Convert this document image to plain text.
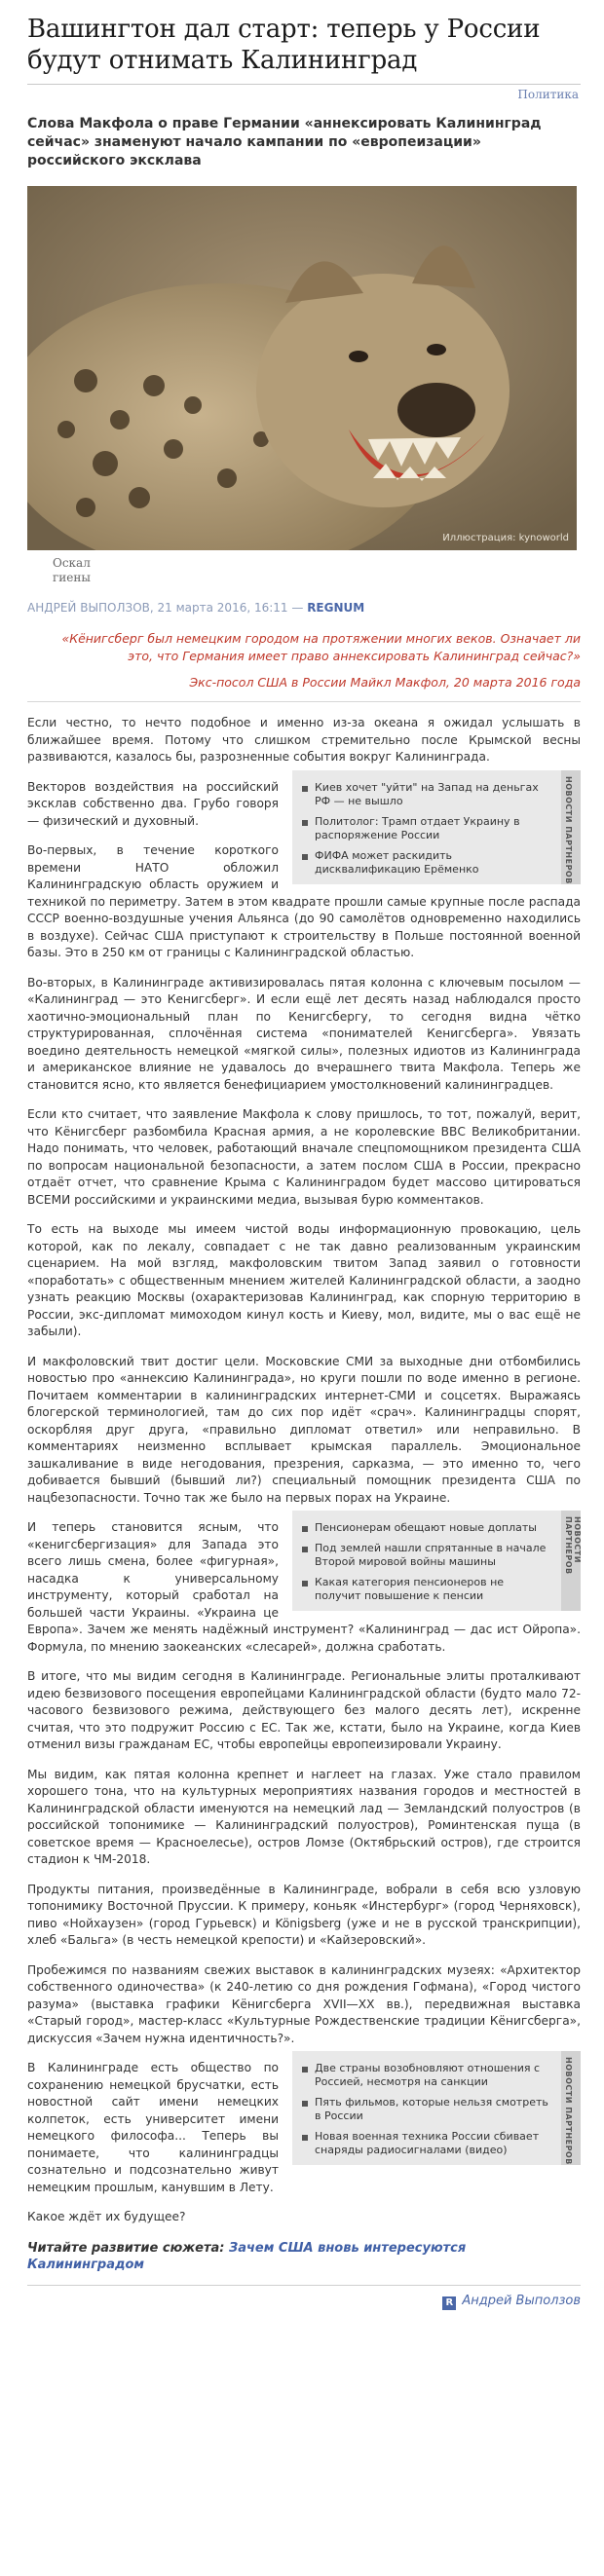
Вашингтон дал старт: теперь у России будут отнимать Калининград
Политика
Слова Макфола о праве Германии «аннексировать Калининград сейчас» знаменуют начало кампании по «европеизации» российского эксклава
Иллюстрация: kynoworld
Оскал гиены
АНДРЕЙ ВЫПОЛЗОВ, 21 марта 2016, 16:11 — REGNUM
«Кёнигсберг был немецким городом на протяжении многих веков. Означает ли это, что Германия имеет право аннексировать Калининград сейчас?»
Экс-посол США в России Майкл Макфол, 20 марта 2016 года

Если честно, то нечто подобное и именно из-за океана я ожидал услышать в ближайшее время. Потому что слишком стремительно после Крымской весны развиваются, казалось бы, разрозненные события вокруг Калининграда.

НОВОСТИ ПАРТНЕРОВ
Киев хочет "уйти" на Запад на деньгах РФ — не вышло
Политолог: Трамп отдает Украину в распоряжение России
ФИФА может раскидить дисквалификацию Ерёменко

Векторов воздействия на российский эксклав собственно два. Грубо говоря — физический и духовный.

Во-первых, в течение короткого времени НАТО обложил Калининградскую область оружием и техникой по периметру. Затем в этом квадрате прошли самые крупные после распада СССР военно-воздушные учения Альянса (до 90 самолётов одновременно находились в воздухе). Сейчас США приступают к строительству в Польше постоянной военной базы. Это в 250 км от границы с Калининградской областью.

Во-вторых, в Калининграде активизировалась пятая колонна с ключевым посылом — «Калининград — это Кенигсберг». И если ещё лет десять назад наблюдался просто хаотично-эмоциональный план по Кенигсбергу, то сегодня видна чётко структурированная, сплочённая система «понимателей Кенигсберга». Увязать воедино деятельность немецкой «мягкой силы», полезных идиотов из Калининграда и американское влияние не удавалось до вчерашнего твита Макфола. Теперь же становится ясно, кто является бенефициарием умостолкновений калининградцев.

Если кто считает, что заявление Макфола к слову пришлось, то тот, пожалуй, верит, что Кёнигсберг разбомбила Красная армия, а не королевские ВВС Великобритании. Надо понимать, что человек, работающий вначале спецпомощником президента США по вопросам национальной безопасности, а затем послом США в России, прекрасно отдаёт отчет, что сравнение Крыма с Калининградом будет массово цитироваться ВСЕМИ российскими и украинскими медиа, вызывая бурю комментаков.

То есть на выходе мы имеем чистой воды информационную провокацию, цель которой, как по лекалу, совпадает с не так давно реализованным украинским сценарием. На мой взгляд, макфоловским твитом Запад заявил о готовности «поработать» с общественным мнением жителей Калининградской области, а заодно узнать реакцию Москвы (охарактеризовав Калининград, как спорную территорию в России, экс-дипломат мимоходом кинул кость и Киеву, мол, видите, мы о вас ещё не забыли).

И макфоловский твит достиг цели. Московские СМИ за выходные дни отбомбились новостью про «аннексию Калининграда», но круги пошли по воде именно в регионе. Почитаем комментарии в калининградских интернет-СМИ и соцсетях. Выражаясь блогерской терминологией, там до сих пор идёт «срач». Калининградцы спорят, оскорбляя друг друга, «правильно дипломат ответил» или неправильно. В комментариях неизменно всплывает крымская параллель. Эмоциональное зашкаливание в виде негодования, презрения, сарказма, — это именно то, чего добивается бывший (бывший ли?) специальный помощник президента США по нацбезопасности. Точно так же было на первых порах на Украине.

НОВОСТИ ПАРТНЕРОВ
Пенсионерам обещают новые доплаты
Под землей нашли спрятанные в начале Второй мировой войны машины
Какая категория пенсионеров не получит повышение к пенсии

И теперь становится ясным, что «кенигсбергизация» для Запада это всего лишь смена, более «фигурная», насадка к универсальному инструменту, который сработал на большей части Украины. «Украина це Европа». Зачем же менять надёжный инструмент? «Калининград — дас ист Ойропа». Формула, по мнению заокеанских «слесарей», должна сработать.

В итоге, что мы видим сегодня в Калининграде. Региональные элиты проталкивают идею безвизового посещения европейцами Калининградской области (будто мало 72-часового безвизового режима, действующего без малого десять лет), искренне считая, что это подружит Россию с ЕС. Так же, кстати, было на Украине, когда Киев отменил визы гражданам ЕС, чтобы европейцы европеизировали Украину.

Мы видим, как пятая колонна крепнет и наглеет на глазах. Уже стало правилом хорошего тона, что на культурных мероприятиях названия городов и местностей в Калининградской области именуются на немецкий лад — Земландский полуостров (в российской топонимике — Калининградский полуостров), Роминтенская пуща (в советское время — Красноелесье), остров Ломзе (Октябрьский остров), где строится стадион к ЧМ-2018.

Продукты питания, произведённые в Калининграде, вобрали в себя всю узловую топонимику Восточной Пруссии. К примеру, коньяк «Инстербург» (город Черняховск), пиво «Нойхаузен» (город Гурьевск) и Königsberg (уже и не в русской транскрипции), хлеб «Бальга» (в честь немецкой крепости) и «Кайзеровский».

Пробежимся по названиям свежих выставок в калининградских музеях: «Архитектор собственного одиночества» (к 240-летию со дня рождения Гофмана), «Город чистого разума» (выставка графики Кёнигсберга XVII—XX вв.), передвижная выставка «Старый город», мастер-класс «Культурные Рождественские традиции Кёнигсберга», дискуссия «Зачем нужна идентичность?».

НОВОСТИ ПАРТНЕРОВ
Две страны возобновляют отношения с Россией, несмотря на санкции
Пять фильмов, которые нельзя смотреть в России
Новая военная техника России сбивает снаряды радиосигналами (видео)

В Калининграде есть общество по сохранению немецкой брусчатки, есть новостной сайт имени немецких колпеток, есть университет имени немецкого философа... Теперь вы понимаете, что калининградцы сознательно и подсознательно живут немецким прошлым, канувшим в Лету.

Какое ждёт их будущее?

Читайте развитие сюжета: Зачем США вновь интересуются Калининградом
R Андрей Выползов
